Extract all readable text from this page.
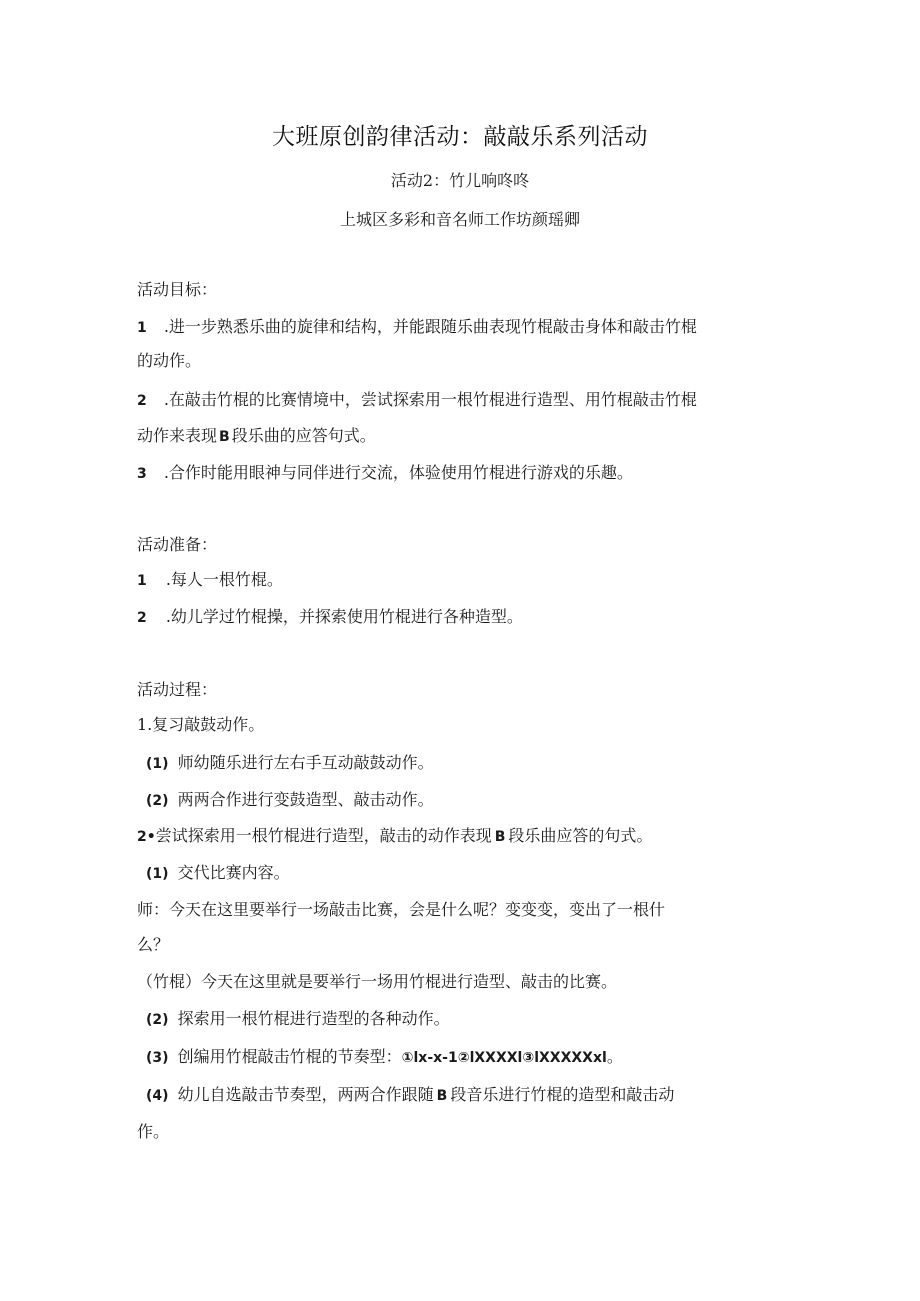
大班原创韵律活动：敲敲乐系列活动
活动2：竹儿响咚咚
上城区多彩和音名师工作坊颜瑶卿
活动目标：
1 .进一步熟悉乐曲的旋律和结构，并能跟随乐曲表现竹棍敲击身体和敲击竹棍
的动作。
2 .在敲击竹棍的比赛情境中，尝试探索用一根竹棍进行造型、用竹棍敲击竹棍
动作来表现 B 段乐曲的应答句式。
3 .合作时能用眼神与同伴进行交流，体验使用竹棍进行游戏的乐趣。
活动准备：
1 .每人一根竹棍。
2 .幼儿学过竹棍操，并探索使用竹棍进行各种造型。
活动过程：
1.复习敲鼓动作。
(1) 师幼随乐进行左右手互动敲鼓动作。
(2) 两两合作进行变鼓造型、敲击动作。
2•尝试探索用一根竹棍进行造型，敲击的动作表现 B 段乐曲应答的句式。
(1) 交代比赛内容。
师：今天在这里要举行一场敲击比赛，会是什么呢？变变变，变出了一根什
么？
（竹棍）今天在这里就是要举行一场用竹棍进行造型、敲击的比赛。
(2) 探索用一根竹棍进行造型的各种动作。
(3) 创编用竹棍敲击竹棍的节奏型：①lx-x-1②lXXXXl③lXXXXXxl。
(4) 幼儿自选敲击节奏型，两两合作跟随 B 段音乐进行竹棍的造型和敲击动
作。
